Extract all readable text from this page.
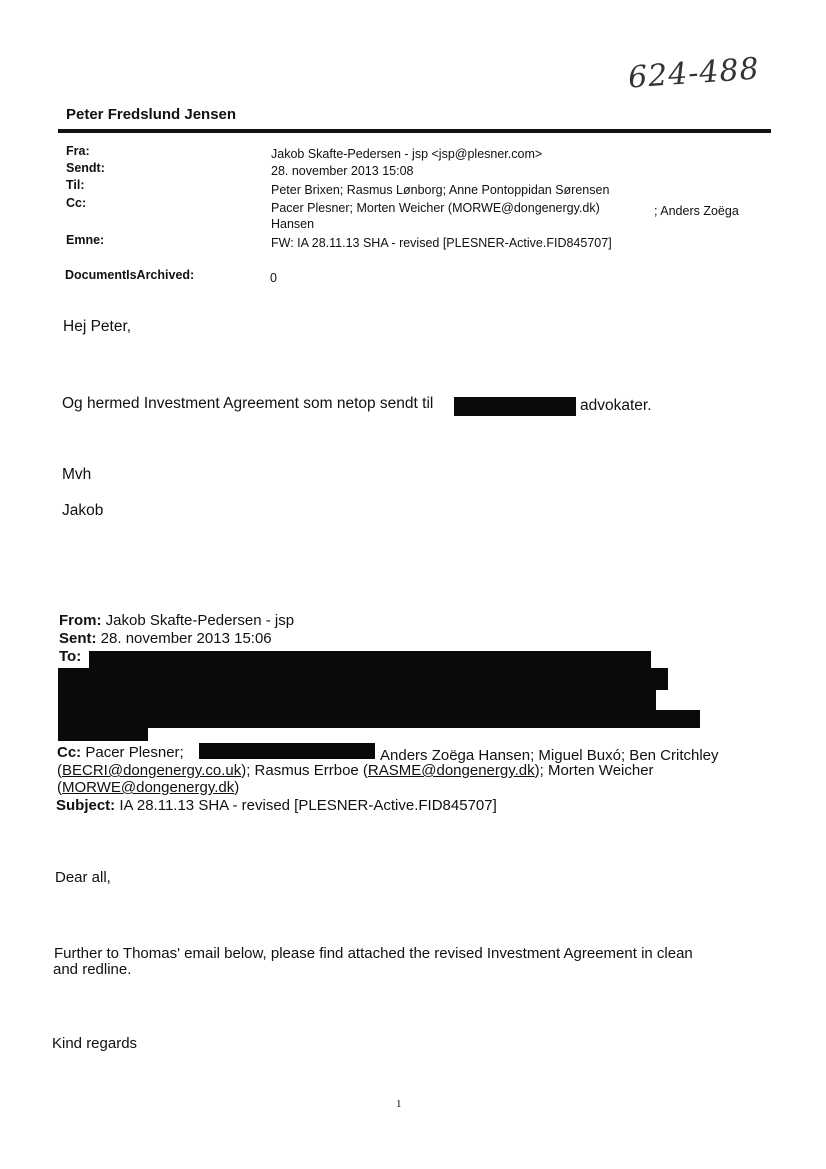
624-488
Peter Fredslund Jensen
Fra:	Jakob Skafte-Pedersen - jsp <jsp@plesner.com>
Sendt:	28. november 2013 15:08
Til:	Peter Brixen; Rasmus Lønborg; Anne Pontoppidan Sørensen
Cc:	Pacer Plesner; Morten Weicher (MORWE@dongenergy.dk)	; Anders Zoëga
Hansen
Emne:	FW: IA 28.11.13 SHA - revised [PLESNER-Active.FID845707]
DocumentIsArchived:	0
Hej Peter,
Og hermed Investment Agreement som netop sendt til	advokater.
Mvh
Jakob
From: Jakob Skafte-Pedersen - jsp
Sent: 28. november 2013 15:06
To:
Cc: Pacer Plesner;	Anders Zoëga Hansen; Miguel Buxó; Ben Critchley
(BECRI@dongenergy.co.uk); Rasmus Errboe (RASME@dongenergy.dk); Morten Weicher
(MORWE@dongenergy.dk)
Subject: IA 28.11.13 SHA - revised [PLESNER-Active.FID845707]
Dear all,
Further to Thomas' email below, please find attached the revised Investment Agreement in clean
and redline.
Kind regards
1
